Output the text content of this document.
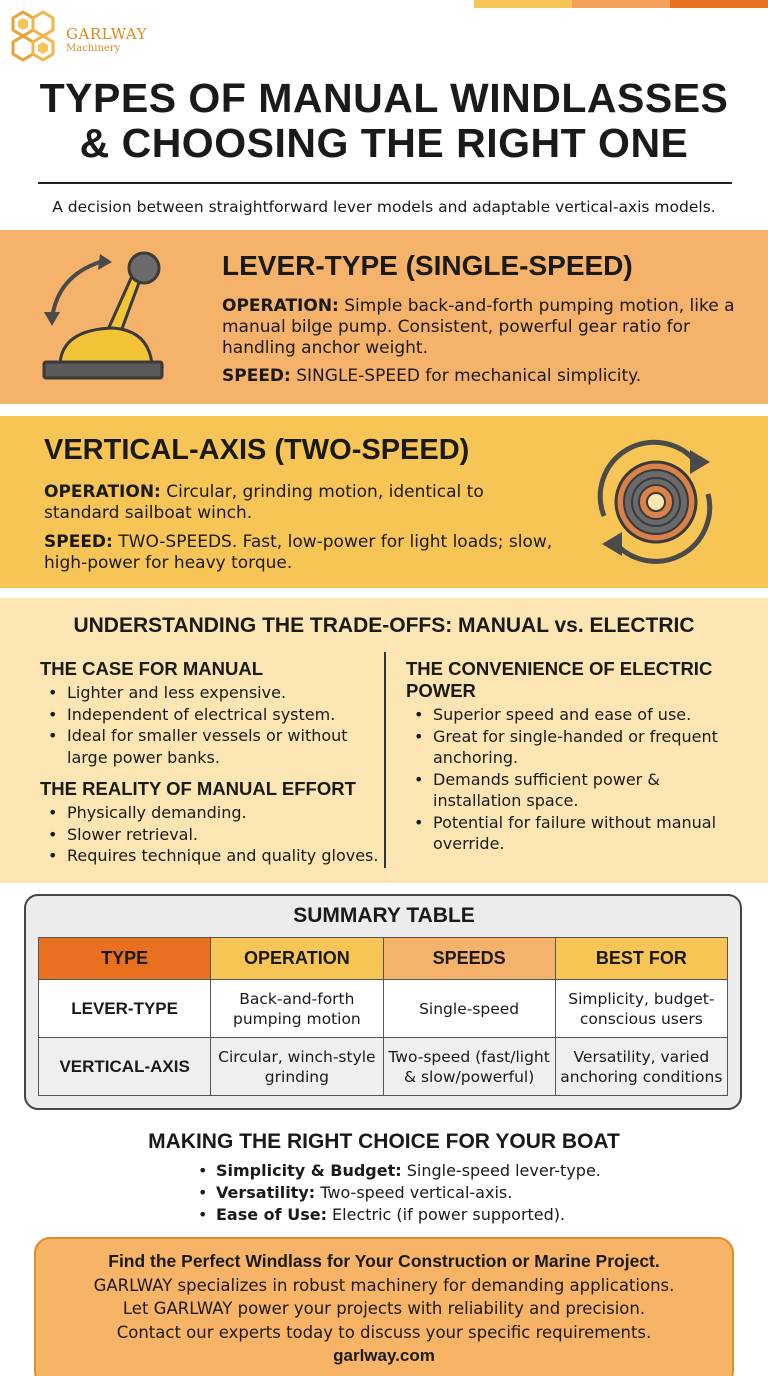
GARLWAY
Machinery
TYPES OF MANUAL WINDLASSES
& CHOOSING THE RIGHT ONE

A decision between straightforward lever models and adaptable vertical-axis models.

LEVER-TYPE (SINGLE-SPEED)

OPERATION: Simple back-and-forth pumping motion, like a manual bilge pump. Consistent, powerful gear ratio for handling anchor weight.

SPEED: SINGLE-SPEED for mechanical simplicity.

VERTICAL-AXIS (TWO-SPEED)

OPERATION: Circular, grinding motion, identical to standard sailboat winch.

SPEED: TWO-SPEEDS. Fast, low-power for light loads; slow, high-power for heavy torque.

UNDERSTANDING THE TRADE-OFFS: MANUAL vs. ELECTRIC
THE CASE FOR MANUAL
• Lighter and less expensive.
• Independent of electrical system.
• Ideal for smaller vessels or without large power banks.
THE REALITY OF MANUAL EFFORT
• Physically demanding.
• Slower retrieval.
• Requires technique and quality gloves.
THE CONVENIENCE OF ELECTRIC POWER
• Superior speed and ease of use.
• Great for single-handed or frequent anchoring.
• Demands sufficient power & installation space.
• Potential for failure without manual override.
SUMMARY TABLE
TYPE	OPERATION	SPEEDS	BEST FOR
LEVER-TYPE	Back-and-forth pumping motion	Single-speed	Simplicity, budget-conscious users
VERTICAL-AXIS	Circular, winch-style grinding	Two-speed (fast/light & slow/powerful)	Versatility, varied anchoring conditions
MAKING THE RIGHT CHOICE FOR YOUR BOAT
• Simplicity & Budget: Single-speed lever-type.
• Versatility: Two-speed vertical-axis.
• Ease of Use: Electric (if power supported).

Find the Perfect Windlass for Your Construction or Marine Project.

GARLWAY specializes in robust machinery for demanding applications.

Let GARLWAY power your projects with reliability and precision.

Contact our experts today to discuss your specific requirements.

garlway.com
